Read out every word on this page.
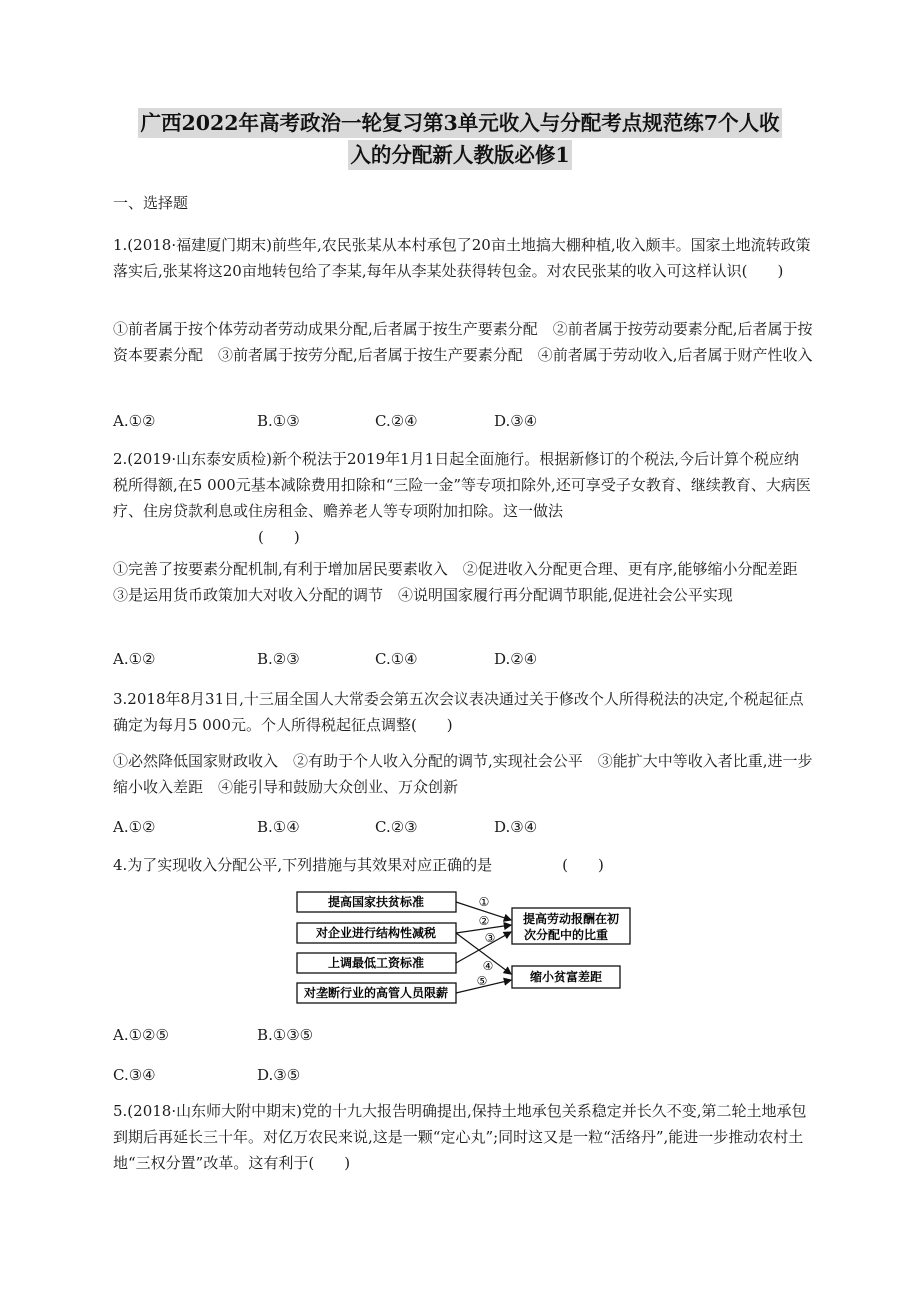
广西2022年高考政治一轮复习第3单元收入与分配考点规范练7个人收
入的分配新人教版必修1
一、选择题
1.(2018·福建厦门期末)前些年,农民张某从本村承包了20亩土地搞大棚种植,收入颇丰。国家土地流转政策落实后,张某将这20亩地转包给了李某,每年从李某处获得转包金。对农民张某的收入可这样认识(　　)
①前者属于按个体劳动者劳动成果分配,后者属于按生产要素分配　②前者属于按劳动要素分配,后者属于按资本要素分配　③前者属于按劳分配,后者属于按生产要素分配　④前者属于劳动收入,后者属于财产性收入
A.①②	B.①③	C.②④	D.③④
2.(2019·山东泰安质检)新个税法于2019年1月1日起全面施行。根据新修订的个税法,今后计算个税应纳税所得额,在5 000元基本减除费用扣除和“三险一金”等专项扣除外,还可享受子女教育、继续教育、大病医疗、住房贷款利息或住房租金、赡养老人等专项附加扣除。这一做法
(　　)
①完善了按要素分配机制,有利于增加居民要素收入　②促进收入分配更合理、更有序,能够缩小分配差距　③是运用货币政策加大对收入分配的调节　④说明国家履行再分配调节职能,促进社会公平实现
A.①②	B.②③	C.①④	D.②④
3.2018年8月31日,十三届全国人大常委会第五次会议表决通过关于修改个人所得税法的决定,个税起征点确定为每月5 000元。个人所得税起征点调整(　　)
①必然降低国家财政收入　②有助于个人收入分配的调节,实现社会公平　③能扩大中等收入者比重,进一步缩小收入差距　④能引导和鼓励大众创业、万众创新
A.①②	B.①④	C.②③	D.③④
4.为了实现收入分配公平,下列措施与其效果对应正确的是	(　　)
提高国家扶贫标准
对企业进行结构性减税
上调最低工资标准
对垄断行业的高管人员限薪
提高劳动报酬在初
次分配中的比重
缩小贫富差距
①
②
③
④
⑤
A.①②⑤	B.①③⑤
C.③④	D.③⑤
5.(2018·山东师大附中期末)党的十九大报告明确提出,保持土地承包关系稳定并长久不变,第二轮土地承包到期后再延长三十年。对亿万农民来说,这是一颗“定心丸”;同时这又是一粒“活络丹”,能进一步推动农村土地“三权分置”改革。这有利于(　　)
